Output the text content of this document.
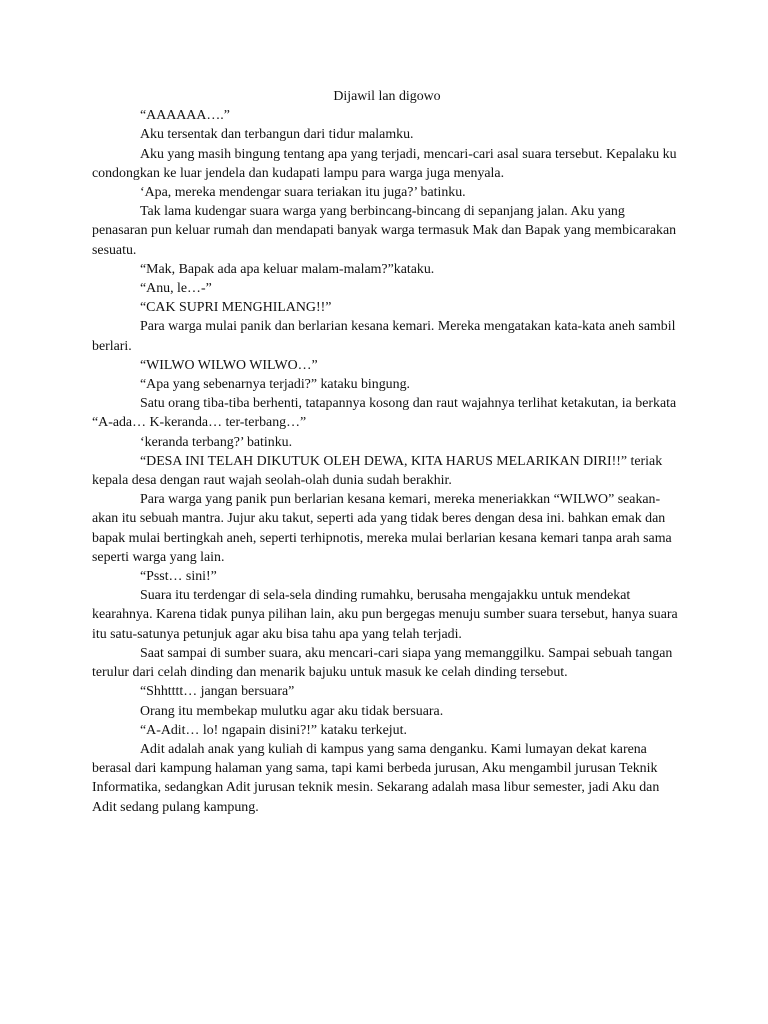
Dijawil lan digowo

“AAAAAA….”

Aku tersentak dan terbangun dari tidur malamku.

Aku yang masih bingung tentang apa yang terjadi, mencari-cari asal suara tersebut. Kepalaku ku condongkan ke luar jendela dan kudapati lampu para warga juga menyala.

‘Apa, mereka mendengar suara teriakan itu juga?’ batinku.

Tak lama kudengar suara warga yang berbincang-bincang di sepanjang jalan. Aku yang penasaran pun keluar rumah dan mendapati banyak warga termasuk Mak dan Bapak yang membicarakan sesuatu.

“Mak, Bapak ada apa keluar malam-malam?”kataku.

“Anu, le…-”

“CAK SUPRI MENGHILANG!!”

Para warga mulai panik dan berlarian kesana kemari. Mereka mengatakan kata-kata aneh sambil berlari.

“WILWO WILWO WILWO…”

“Apa yang sebenarnya terjadi?” kataku bingung.

Satu orang tiba-tiba berhenti, tatapannya kosong dan raut wajahnya terlihat ketakutan, ia berkata “A-ada… K-keranda… ter-terbang…”

‘keranda terbang?’ batinku.

“DESA INI TELAH DIKUTUK OLEH DEWA, KITA HARUS MELARIKAN DIRI!!” teriak kepala desa dengan raut wajah seolah-olah dunia sudah berakhir.

Para warga yang panik pun berlarian kesana kemari, mereka meneriakkan “WILWO” seakan-akan itu sebuah mantra. Jujur aku takut, seperti ada yang tidak beres dengan desa ini. bahkan emak dan bapak mulai bertingkah aneh, seperti terhipnotis, mereka mulai berlarian kesana kemari tanpa arah sama seperti warga yang lain.

“Psst… sini!”

Suara itu terdengar di sela-sela dinding rumahku, berusaha mengajakku untuk mendekat kearahnya. Karena tidak punya pilihan lain, aku pun bergegas menuju sumber suara tersebut, hanya suara itu satu-satunya petunjuk agar aku bisa tahu apa yang telah terjadi.

Saat sampai di sumber suara, aku mencari-cari siapa yang memanggilku. Sampai sebuah tangan terulur dari celah dinding dan menarik bajuku untuk masuk ke celah dinding tersebut.

“Shhtttt… jangan bersuara”

Orang itu membekap mulutku agar aku tidak bersuara.

“A-Adit… lo! ngapain disini?!” kataku terkejut.

Adit adalah anak yang kuliah di kampus yang sama denganku. Kami lumayan dekat karena berasal dari kampung halaman yang sama, tapi kami berbeda jurusan, Aku mengambil jurusan Teknik Informatika, sedangkan Adit jurusan teknik mesin. Sekarang adalah masa libur semester, jadi Aku dan Adit sedang pulang kampung.
